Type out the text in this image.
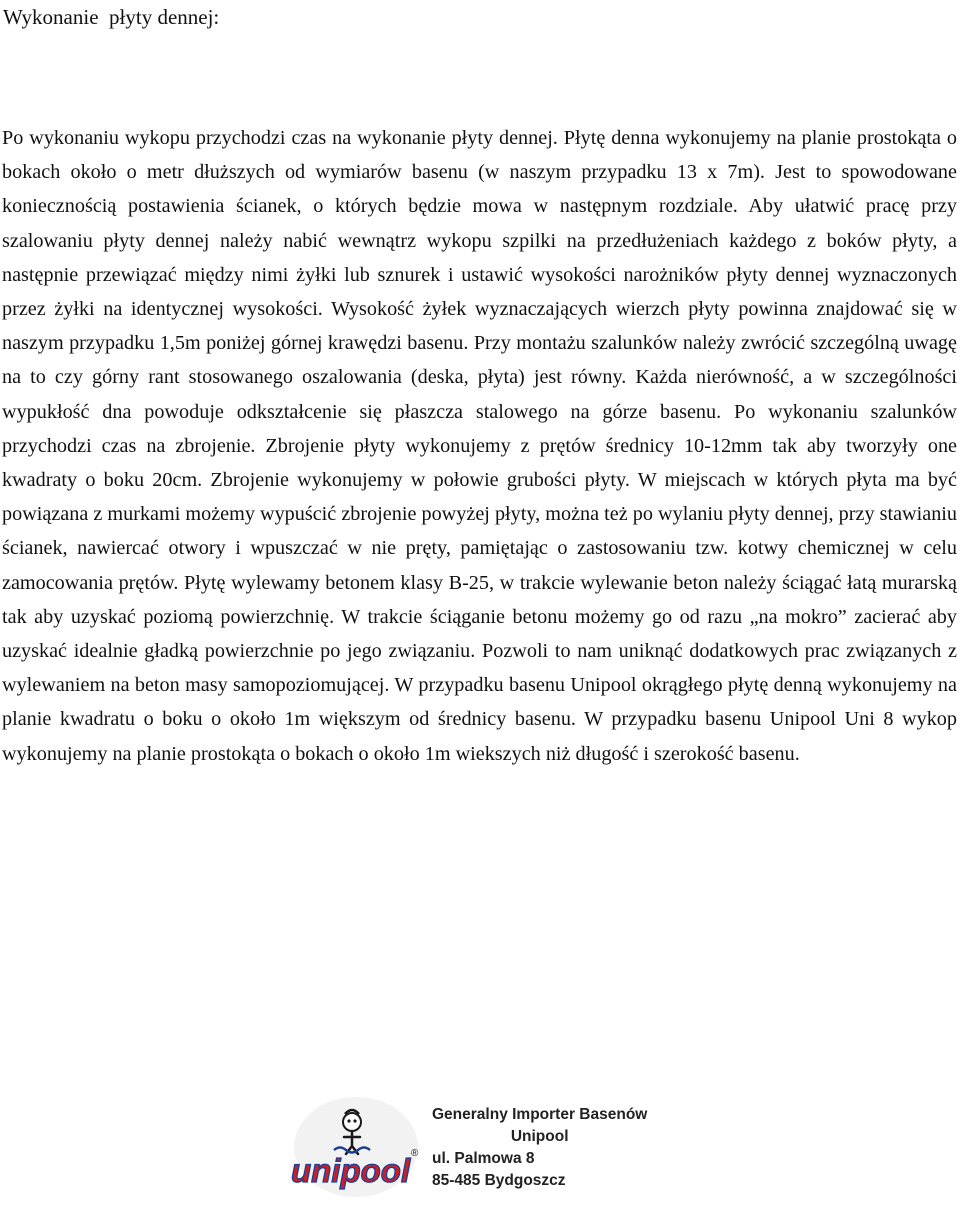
Wykonanie  płyty dennej:
Po wykonaniu wykopu przychodzi czas na wykonanie płyty dennej. Płytę denna wykonujemy na planie prostokąta o bokach około o metr dłuższych od wymiarów basenu (w naszym przypadku 13 x 7m). Jest to spowodowane koniecznością postawienia ścianek, o których będzie mowa w następnym rozdziale. Aby ułatwić pracę przy szalowaniu płyty dennej należy nabić wewnątrz wykopu szpilki na przedłużeniach każdego z boków płyty, a następnie przewiązać między nimi żyłki lub sznurek i ustawić wysokości narożników płyty dennej wyznaczonych przez żyłki na identycznej wysokości. Wysokość żyłek wyznaczających wierzch płyty powinna znajdować się w naszym przypadku 1,5m poniżej górnej krawędzi basenu. Przy montażu szalunków należy zwrócić szczególną uwagę na to czy górny rant stosowanego oszalowania (deska, płyta) jest równy. Każda nierówność, a w szczególności wypukłość dna powoduje odkształcenie się płaszcza stalowego na górze basenu. Po wykonaniu szalunków przychodzi czas na zbrojenie. Zbrojenie płyty wykonujemy z prętów średnicy 10-12mm tak aby tworzyły one kwadraty o boku 20cm. Zbrojenie wykonujemy w połowie grubości płyty. W miejscach w których płyta ma być powiązana z murkami możemy wypuścić zbrojenie powyżej płyty, można też po wylaniu płyty dennej, przy stawianiu ścianek, nawiercać otwory i wpuszczać w nie pręty, pamiętając o zastosowaniu tzw. kotwy chemicznej w celu zamocowania prętów. Płytę wylewamy betonem klasy B-25, w trakcie wylewanie beton należy ściągać łatą murarską tak aby uzyskać poziomą powierzchnię. W trakcie ściąganie betonu możemy go od razu „na mokro” zacierać aby uzyskać idealnie gładką powierzchnie po jego związaniu. Pozwoli to nam uniknąć dodatkowych prac związanych z wylewaniem na beton masy samopoziomującej. W przypadku basenu Unipool okrągłego płytę denną wykonujemy na planie kwadratu o boku o około 1m większym od średnicy basenu. W przypadku basenu Unipool Uni 8 wykop wykonujemy na planie prostokąta o bokach o około 1m wiekszych niż długość i szerokość basenu.
unipool ®
Generalny Importer Basenów
Unipool
ul. Palmowa 8
85-485 Bydgoszcz
